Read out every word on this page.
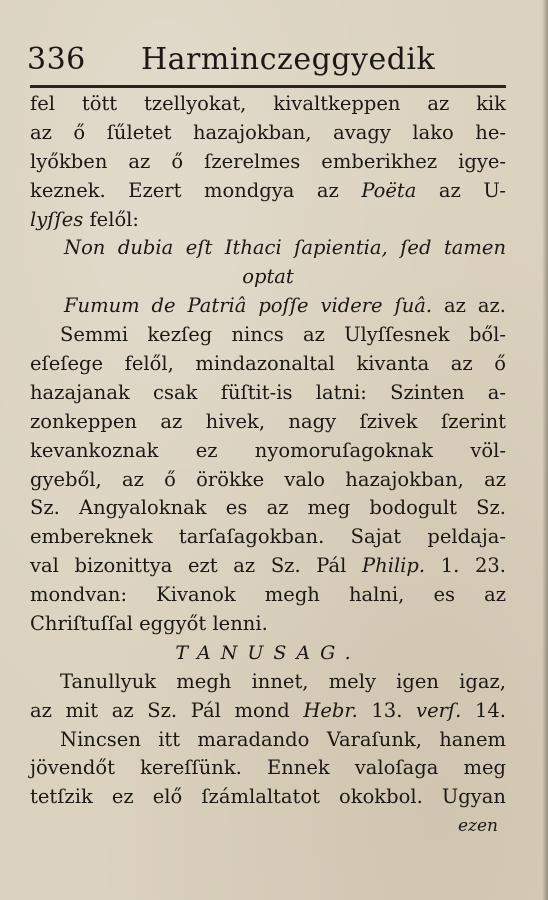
336 Harminczeggyedik
fel tött tzellyokat, kivaltkeppen az kik
az ő ſűletet hazajokban, avagy lako he-
lyőkben az ő ſzerelmes emberikhez igye-
keznek. Ezert mondgya az Poëta az U-
lyſſes felől:
Non dubia eſt Ithaci ſapientia, ſed tamen
optat
Fumum de Patriâ poſſe videre ſuâ. az az.
Semmi kezſeg nincs az Ulyſſesnek ből-
eſeſege felől, mindazonaltal kivanta az ő
hazajanak csak füſtit-is latni: Szinten a-
zonkeppen az hivek, nagy ſzivek ſzerint
kevankoznak ez nyomoruſagoknak völ-
gyeből, az ő örökke valo hazajokban, az
Sz. Angyaloknak es az meg bodogult Sz.
embereknek tarſaſagokban. Sajat peldaja-
val bizonittya ezt az Sz. Pál Philip. 1. 23.
mondvan: Kivanok megh halni, es az
Chriſtuſſal eggyőt lenni.
TANUSAG.
Tanullyuk megh innet, mely igen igaz,
az mit az Sz. Pál mond Hebr. 13. verſ. 14.
Nincsen itt maradando Varaſunk, hanem
jövendőt kereſſünk. Ennek valoſaga meg
tetſzik ez elő ſzámlaltatot okokbol. Ugyan
ezen
